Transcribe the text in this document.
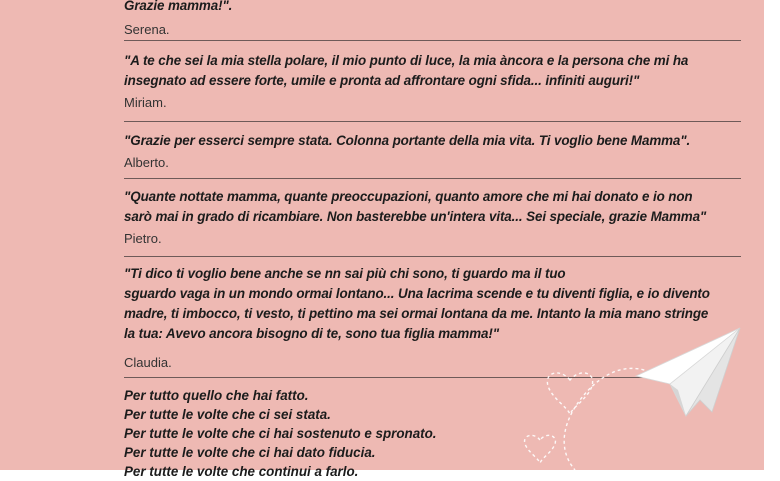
Grazie mamma!".

Serena.

"A te che sei la mia stella polare, il mio punto di luce, la mia àncora e la persona che mi ha
insegnato ad essere forte, umile e pronta ad affrontare ogni sfida... infiniti auguri!"

Miriam.

"Grazie per esserci sempre stata. Colonna portante della mia vita. Ti voglio bene Mamma".

Alberto.

"Quante nottate mamma, quante preoccupazioni, quanto amore che mi hai donato e io non
sarò mai in grado di ricambiare. Non basterebbe un'intera vita... Sei speciale, grazie Mamma"

Pietro.

"Ti dico ti voglio bene anche se nn sai più chi sono, ti guardo ma il tuo
sguardo vaga in un mondo ormai lontano... Una lacrima scende e tu diventi figlia, e io divento
madre, ti imbocco, ti vesto, ti pettino ma sei ormai lontana da me. Intanto la mia mano stringe
la tua: Avevo ancora bisogno di te, sono tua figlia mamma!"

Claudia.

Per tutto quello che hai fatto.

Per tutte le volte che ci sei stata.

Per tutte le volte che ci hai sostenuto e spronato.

Per tutte le volte che ci hai dato fiducia.

Per tutte le volte che continui a farlo.
